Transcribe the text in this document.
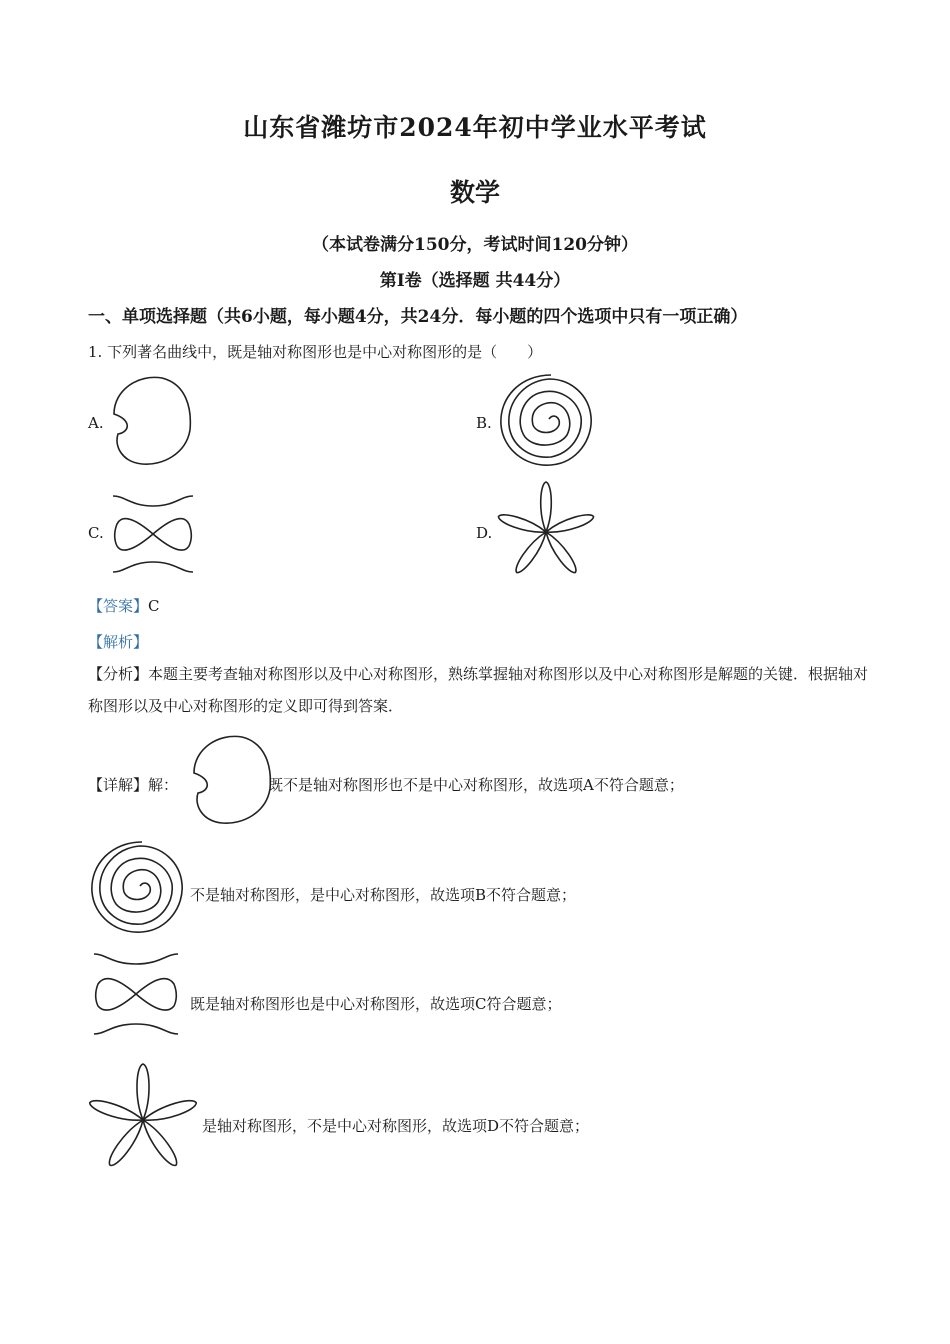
山东省潍坊市2024年初中学业水平考试
数学
（本试卷满分150分，考试时间120分钟）
第Ⅰ卷（选择题 共44分）
一、单项选择题（共6小题，每小题4分，共24分．每小题的四个选项中只有一项正确）
1. 下列著名曲线中，既是轴对称图形也是中心对称图形的是（　　）
A.	B.
C.	D.
【答案】C
【解析】
【分析】本题主要考查轴对称图形以及中心对称图形，熟练掌握轴对称图形以及中心对称图形是解题的关键．根据轴对称图形以及中心对称图形的定义即可得到答案．
【详解】解：	既不是轴对称图形也不是中心对称图形，故选项A不符合题意；
不是轴对称图形，是中心对称图形，故选项B不符合题意；
既是轴对称图形也是中心对称图形，故选项C符合题意；
是轴对称图形，不是中心对称图形，故选项D不符合题意；
